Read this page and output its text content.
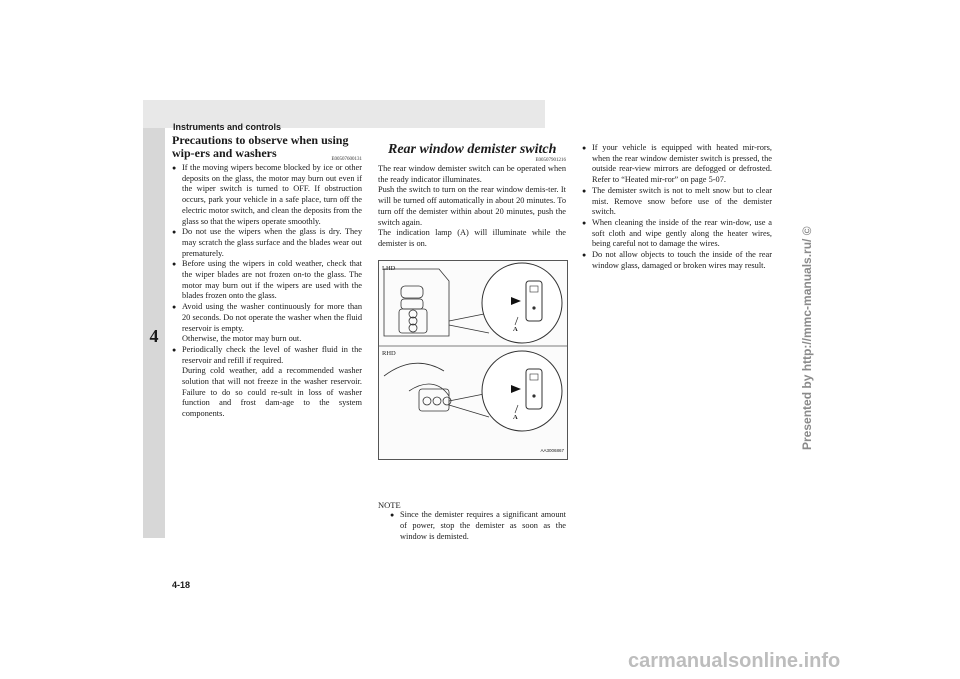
Instruments and controls
4
Precautions to observe when using wip-ers and washers	E00507600131
● If the moving wipers become blocked by ice or other deposits on the glass, the motor may burn out even if the wiper switch is turned to OFF. If obstruction occurs, park your vehicle in a safe place, turn off the electric motor switch, and clean the deposits from the glass so that the wipers operate smoothly.
● Do not use the wipers when the glass is dry. They may scratch the glass surface and the blades wear out prematurely.
● Before using the wipers in cold weather, check that the wiper blades are not frozen on-to the glass. The motor may burn out if the wipers are used with the blades frozen onto the glass.
● Avoid using the washer continuously for more than 20 seconds. Do not operate the washer when the fluid reservoir is empty.
Otherwise, the motor may burn out.
● Periodically check the level of washer fluid in the reservoir and refill if required.
During cold weather, add a recommended washer solution that will not freeze in the washer reservoir. Failure to do so could re-sult in loss of washer function and frost dam-age to the system components.
Rear window demister switch
E00507901216

The rear window demister switch can be operated when the ready indicator illuminates.

Push the switch to turn on the rear window demis-ter. It will be turned off automatically in about 20 minutes. To turn off the demister within about 20 minutes, push the switch again.

The indication lamp (A) will illuminate while the demister is on.

LHD
RHD
A
A
AA3006867
NOTE
● Since the demister requires a significant amount of power, stop the demister as soon as the window is demisted.
● If your vehicle is equipped with heated mir-rors, when the rear window demister switch is pressed, the outside rear-view mirrors are defogged or defrosted. Refer to “Heated mir-ror” on page 5-07.
● The demister switch is not to melt snow but to clear mist. Remove snow before use of the demister switch.
● When cleaning the inside of the rear win-dow, use a soft cloth and wipe gently along the heater wires, being careful not to damage the wires.
● Do not allow objects to touch the inside of the rear window glass, damaged or broken wires may result.
4-18
Presented by http://mmc-manuals.ru/ ©
carmanualsonline.info
